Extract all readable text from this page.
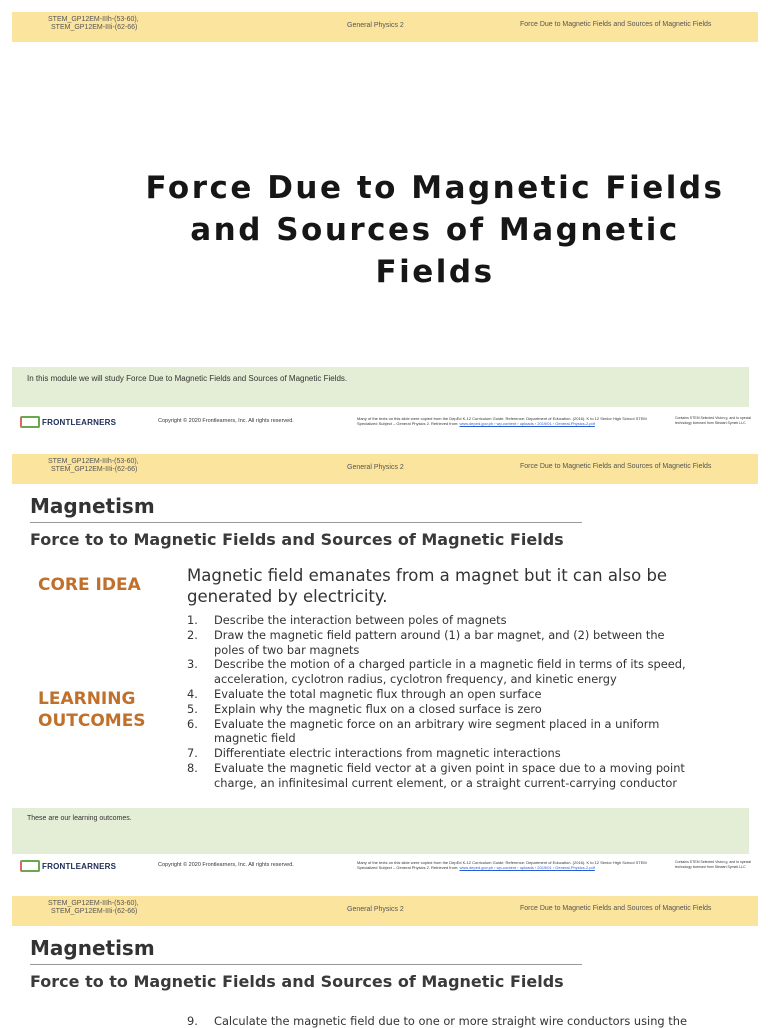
STEM_GP12EM-IIIh-(53-60),
STEM_GP12EM-IIIi-(62-66)	General Physics 2	Force Due to Magnetic Fields and Sources of Magnetic Fields
Force Due to Magnetic Fields
and Sources of Magnetic
Fields
In this module we will study Force Due to Magnetic Fields and Sources of Magnetic Fields.
FRONTLEARNERS	Copyright © 2020 Frontlearners, Inc. All rights reserved.	Many of the texts on this slide were copied from the DepEd K-12 Curriculum Guide. Reference: Department of Education. (2016). K to 12 Senior High School STEM
Specialized Subject – General Physics 2. Retrieved from: www.deped.gov.ph › wp-content › uploads › 2019/01 › General-Physics-2.pdf
Contains STEM Selected Vision g. and to special technology licensed from Stewart Symek LLC
STEM_GP12EM-IIIh-(53-60),
STEM_GP12EM-IIIi-(62-66)	General Physics 2	Force Due to Magnetic Fields and Sources of Magnetic Fields
Magnetism
Force to to Magnetic Fields and Sources of Magnetic Fields
CORE IDEA	Magnetic field emanates from a magnet but it can also be generated by electricity.
LEARNING
OUTCOMES
1.	Describe the interaction between poles of magnets
2.	Draw the magnetic field pattern around (1) a bar magnet, and (2) between the
poles of two bar magnets
3.	Describe the motion of a charged particle in a magnetic field in terms of its speed,
acceleration, cyclotron radius, cyclotron frequency, and kinetic energy
4.	Evaluate the total magnetic flux through an open surface
5.	Explain why the magnetic flux on a closed surface is zero
6.	Evaluate the magnetic force on an arbitrary wire segment placed in a uniform
magnetic field
7.	Differentiate electric interactions from magnetic interactions
8.	Evaluate the magnetic field vector at a given point in space due to a moving point
charge, an infinitesimal current element, or a straight current-carrying conductor
These are our learning outcomes.
FRONTLEARNERS	Copyright © 2020 Frontlearners, Inc. All rights reserved.	Many of the texts on this slide were copied from the DepEd K-12 Curriculum Guide. Reference: Department of Education. (2016). K to 12 Senior High School STEM
Specialized Subject – General Physics 2. Retrieved from: www.deped.gov.ph › wp-content › uploads › 2019/01 › General-Physics-2.pdf
Contains STEM Selected Vision g. and to special technology licensed from Stewart Symek LLC
STEM_GP12EM-IIIh-(53-60),
STEM_GP12EM-IIIi-(62-66)	General Physics 2	Force Due to Magnetic Fields and Sources of Magnetic Fields
Magnetism
Force to to Magnetic Fields and Sources of Magnetic Fields
9.	Calculate the magnetic field due to one or more straight wire conductors using the
